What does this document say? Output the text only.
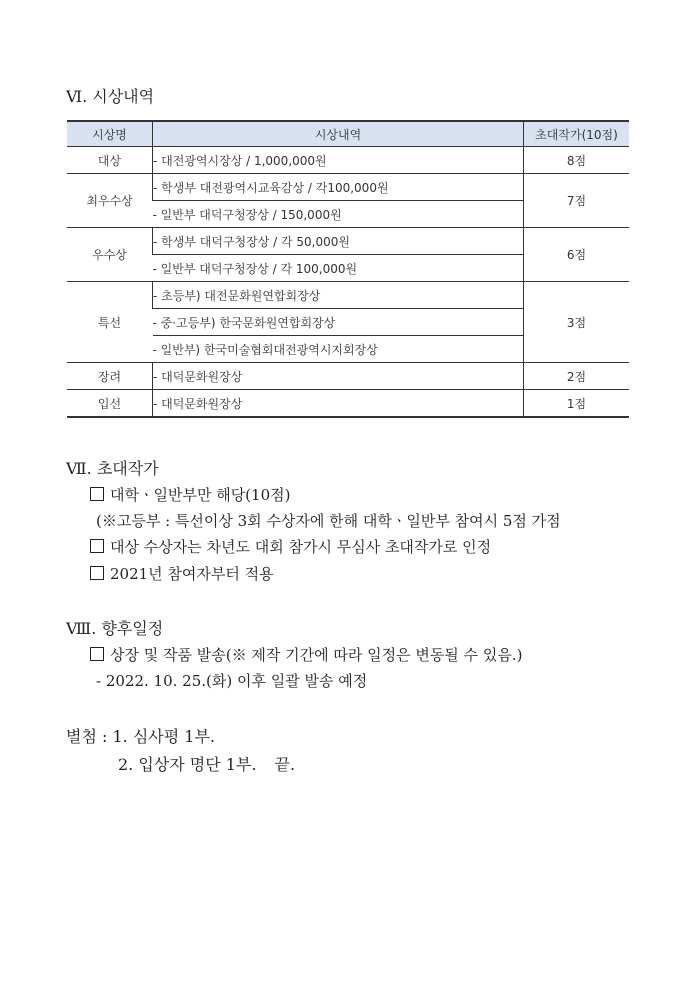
Ⅵ. 시상내역
시상명	시상내역	초대작가(10점)
대상	- 대전광역시장상 / 1,000,000원	8점
최우수상	- 학생부 대전광역시교육감상 / 각100,000원	7점
	- 일반부 대덕구청장상 / 150,000원	
우수상	- 학생부 대덕구청장상 / 각 50,000원	6점
	- 일반부 대덕구청장상 / 각 100,000원	
특선	- 초등부) 대전문화원연합회장상	3점
	- 중·고등부) 한국문화원연합회장상	
	- 일반부) 한국미술협회대전광역시지회장상	
장려	- 대덕문화원장상	2점
입선	- 대덕문화원장상	1점
Ⅶ. 초대작가
대학ㆍ일반부만 해당(10점)
(※고등부 : 특선이상 3회 수상자에 한해 대학ㆍ일반부 참여시 5점 가점
대상 수상자는 차년도 대회 참가시 무심사 초대작가로 인정
2021년 참여자부터 적용
Ⅷ. 향후일정
상장 및 작품 발송(※ 제작 기간에 따라 일정은 변동될 수 있음.)
- 2022. 10. 25.(화) 이후 일괄 발송 예정
별첨 : 1. 심사평 1부.
2. 입상자 명단 1부. 끝.
